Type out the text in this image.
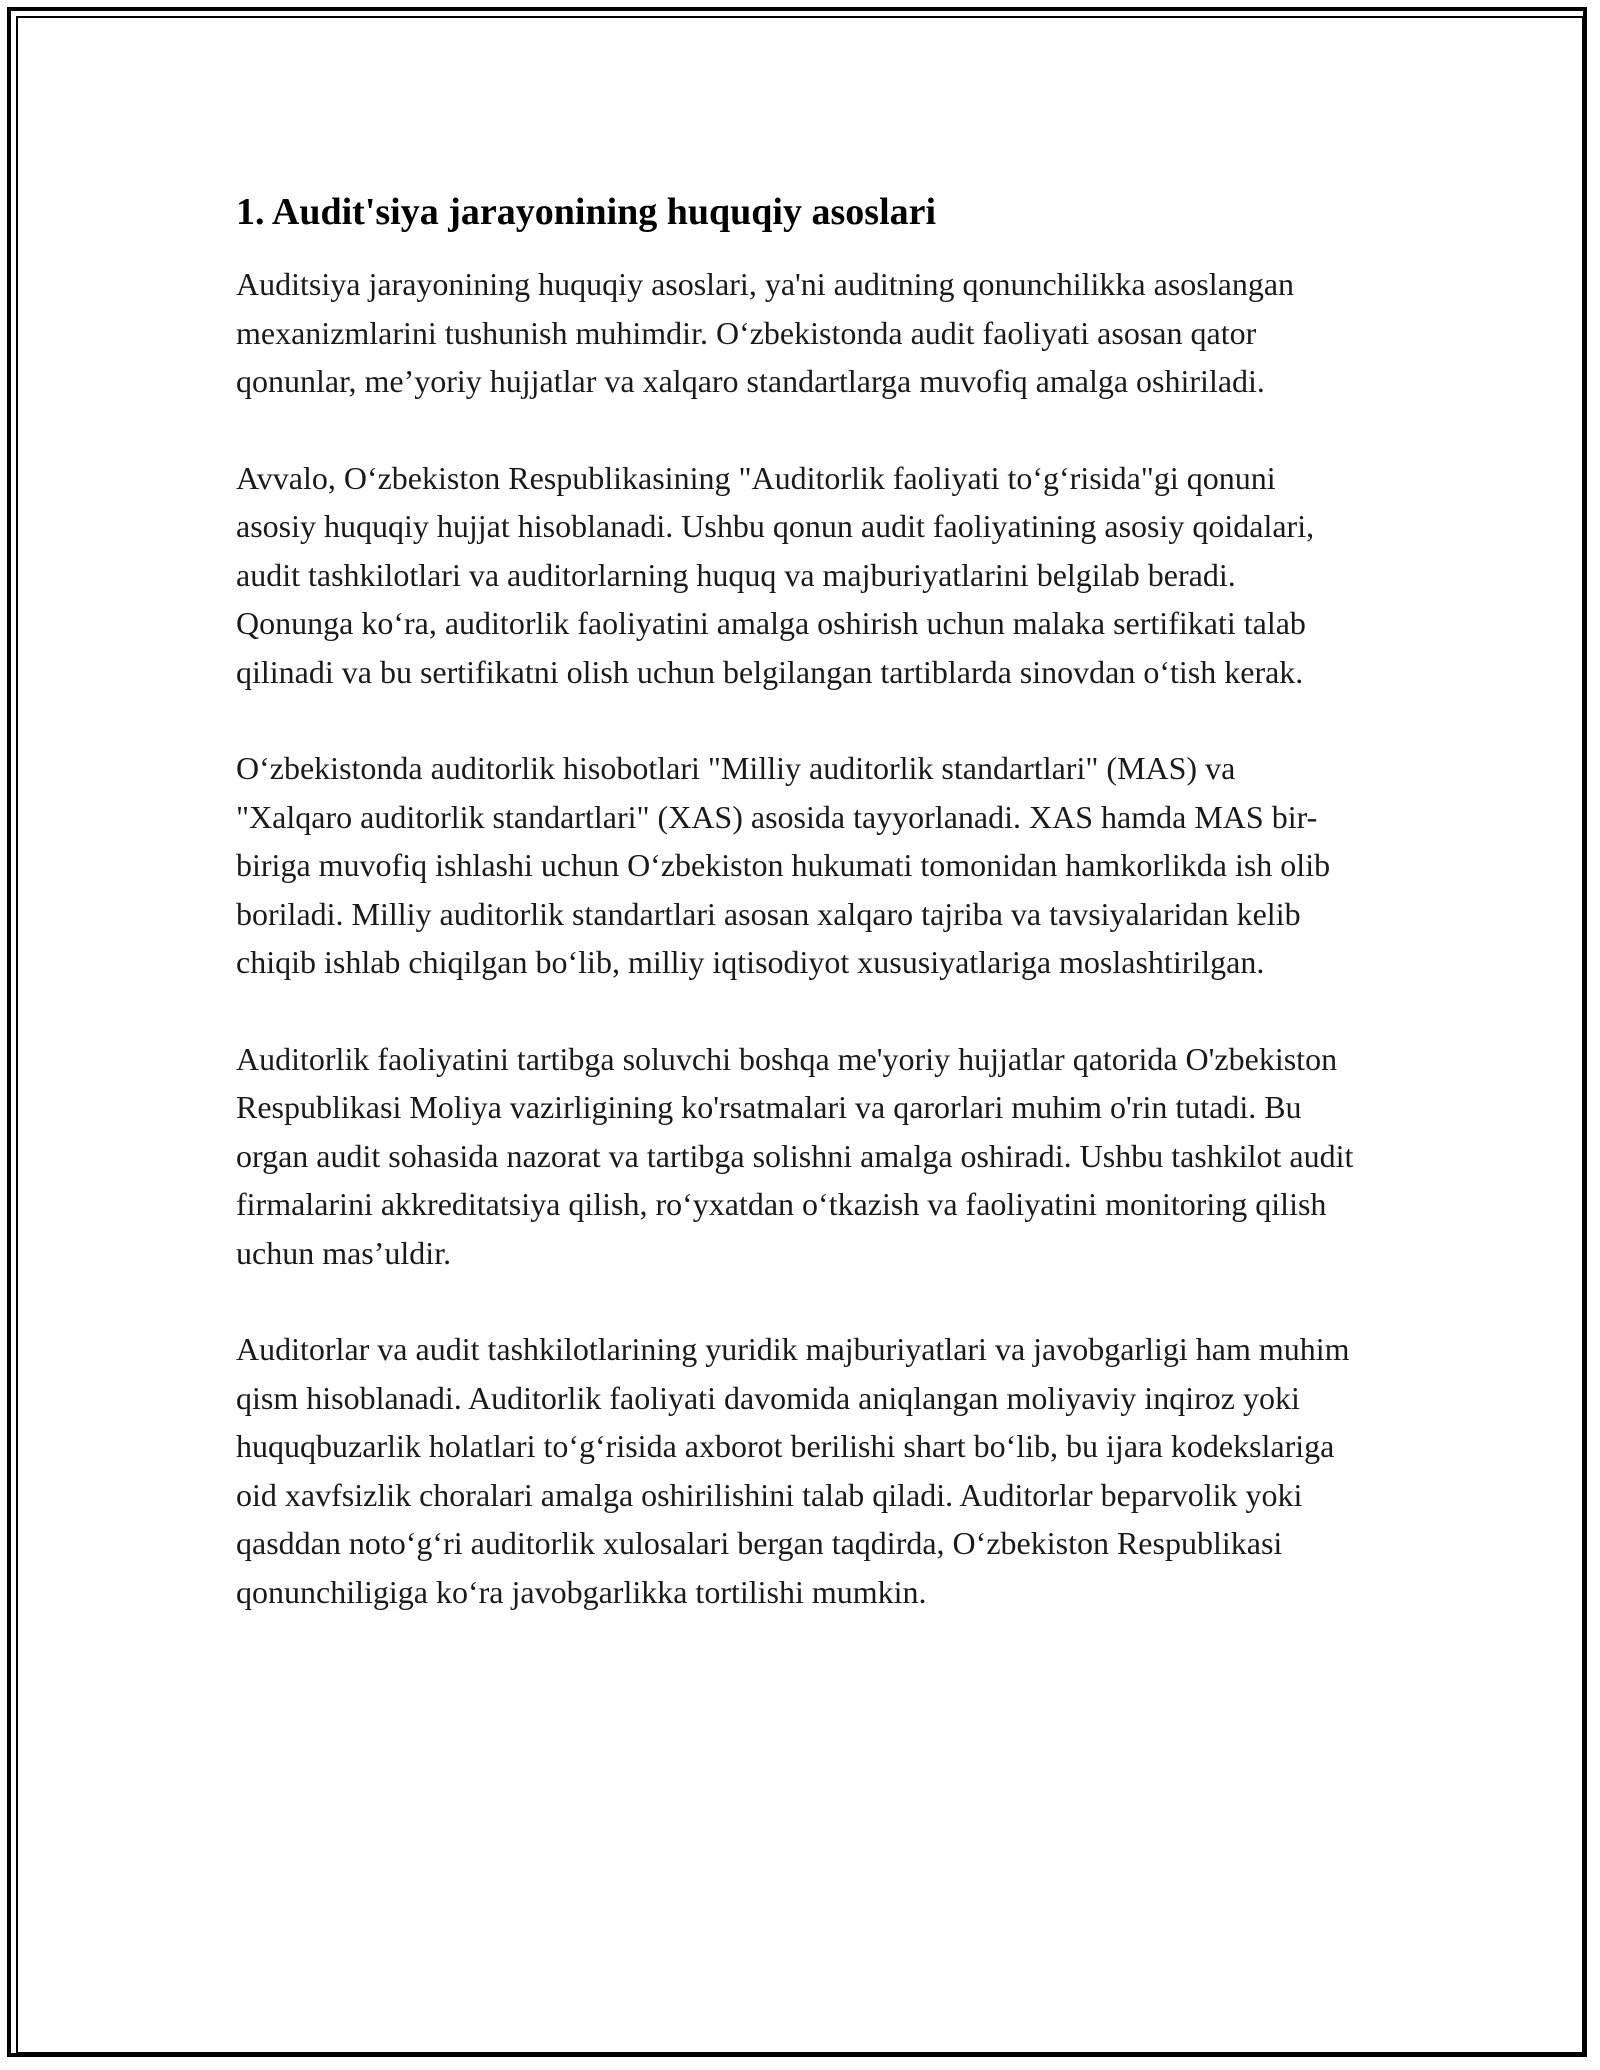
1. Audit'siya jarayonining huquqiy asoslari

Auditsiya jarayonining huquqiy asoslari, ya'ni auditning qonunchilikka asoslangan mexanizmlarini tushunish muhimdir. O‘zbekistonda audit faoliyati asosan qator qonunlar, me’yoriy hujjatlar va xalqaro standartlarga muvofiq amalga oshiriladi.

Avvalo, O‘zbekiston Respublikasining "Auditorlik faoliyati to‘g‘risida"gi qonuni asosiy huquqiy hujjat hisoblanadi. Ushbu qonun audit faoliyatining asosiy qoidalari, audit tashkilotlari va auditorlarning huquq va majburiyatlarini belgilab beradi. Qonunga ko‘ra, auditorlik faoliyatini amalga oshirish uchun malaka sertifikati talab qilinadi va bu sertifikatni olish uchun belgilangan tartiblarda sinovdan o‘tish kerak.

O‘zbekistonda auditorlik hisobotlari "Milliy auditorlik standartlari" (MAS) va "Xalqaro auditorlik standartlari" (XAS) asosida tayyorlanadi. XAS hamda MAS bir-biriga muvofiq ishlashi uchun O‘zbekiston hukumati tomonidan hamkorlikda ish olib boriladi. Milliy auditorlik standartlari asosan xalqaro tajriba va tavsiyalaridan kelib chiqib ishlab chiqilgan bo‘lib, milliy iqtisodiyot xususiyatlariga moslashtirilgan.

Auditorlik faoliyatini tartibga soluvchi boshqa me'yoriy hujjatlar qatorida O'zbekiston Respublikasi Moliya vazirligining ko'rsatmalari va qarorlari muhim o'rin tutadi. Bu organ audit sohasida nazorat va tartibga solishni amalga oshiradi. Ushbu tashkilot audit firmalarini akkreditatsiya qilish, ro‘yxatdan o‘tkazish va faoliyatini monitoring qilish uchun mas’uldir.

Auditorlar va audit tashkilotlarining yuridik majburiyatlari va javobgarligi ham muhim qism hisoblanadi. Auditorlik faoliyati davomida aniqlangan moliyaviy inqiroz yoki huquqbuzarlik holatlari to‘g‘risida axborot berilishi shart bo‘lib, bu ijara kodekslariga oid xavfsizlik choralari amalga oshirilishini talab qiladi. Auditorlar beparvolik yoki qasddan noto‘g‘ri auditorlik xulosalari bergan taqdirda, O‘zbekiston Respublikasi qonunchiligiga ko‘ra javobgarlikka tortilishi mumkin.
